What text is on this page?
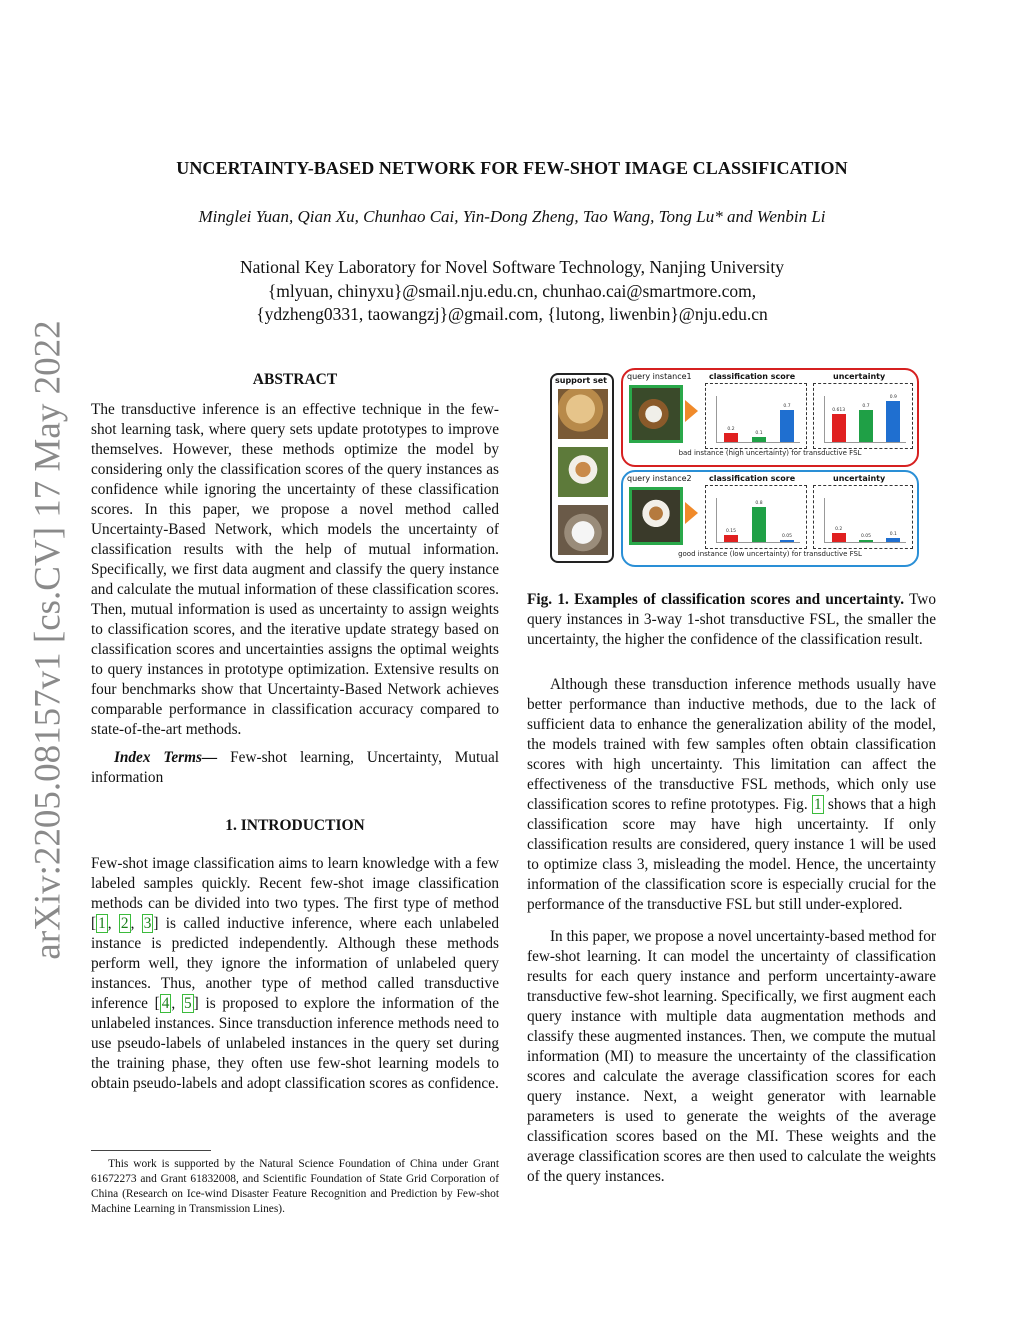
arXiv:2205.08157v1 [cs.CV] 17 May 2022
UNCERTAINTY-BASED NETWORK FOR FEW-SHOT IMAGE CLASSIFICATION
Minglei Yuan, Qian Xu, Chunhao Cai, Yin-Dong Zheng, Tao Wang, Tong Lu* and Wenbin Li
National Key Laboratory for Novel Software Technology, Nanjing University
{mlyuan, chinyxu}@smail.nju.edu.cn, chunhao.cai@smartmore.com,
{ydzheng0331, taowangzj}@gmail.com, {lutong, liwenbin}@nju.edu.cn
ABSTRACT

The transductive inference is an effective technique in the few-shot learning task, where query sets update prototypes to improve themselves. However, these methods optimize the model by considering only the classification scores of the query instances as confidence while ignoring the uncertainty of these classification scores. In this paper, we propose a novel method called Uncertainty-Based Network, which models the uncertainty of classification results with the help of mutual information. Specifically, we first data augment and classify the query instance and calculate the mutual information of these classification scores. Then, mutual information is used as uncertainty to assign weights to classification scores, and the iterative update strategy based on classification scores and uncertainties assigns the optimal weights to query instances in prototype optimization. Extensive results on four benchmarks show that Uncertainty-Based Network achieves comparable performance in classification accuracy compared to state-of-the-art methods.

Index Terms— Few-shot learning, Uncertainty, Mutual information

1. INTRODUCTION

Few-shot image classification aims to learn knowledge with a few labeled samples quickly. Recent few-shot image classification methods can be divided into two types. The first type of method [ 1 , 2 , 3 ] is called inductive inference, where each unlabeled instance is predicted independently. Although these methods perform well, they ignore the information of unlabeled query instances. Thus, another type of method called transductive inference [ 4 , 5 ] is proposed to explore the information of the unlabeled instances. Since transduction inference methods need to use pseudo-labels of unlabeled instances in the query set during the training phase, they often use few-shot learning models to obtain pseudo-labels and adopt classification scores as confidence.

This work is supported by the Natural Science Foundation of China under Grant 61672273 and Grant 61832008, and Scientific Foundation of State Grid Corporation of China (Research on Ice-wind Disaster Feature Recognition and Prediction by Few-shot Machine Learning in Transmission Lines).
support set	query instance1 classification score	uncertainty
0.2
0.1
0.7
0.613
0.7
0.9
bad instance (high uncertainty) for transductive FSL
query instance2 classification score	uncertainty
0.15
0.8
0.05
0.2
0.05	0.1
good instance (low uncertainty) for transductive FSL

Fig. 1. Examples of classification scores and uncertainty. Two query instances in 3-way 1-shot transductive FSL, the smaller the uncertainty, the higher the confidence of the classification result.

Although these transduction inference methods usually have better performance than inductive methods, due to the lack of sufficient data to enhance the generalization ability of the model, the models trained with few samples often obtain classification scores with high uncertainty. This limitation can affect the effectiveness of the transductive FSL methods, which only use classification scores to refine prototypes. Fig. 1 shows that a high classification score may have high uncertainty. If only classification results are considered, query instance 1 will be used to optimize class 3, misleading the model. Hence, the uncertainty information of the classification score is especially crucial for the performance of the transductive FSL but still under-explored.

In this paper, we propose a novel uncertainty-based method for few-shot learning. It can model the uncertainty of classification results for each query instance and perform uncertainty-aware transductive few-shot learning. Specifically, we first augment each query instance with multiple data augmentation methods and classify these augmented instances. Then, we compute the mutual information (MI) to measure the uncertainty of the classification scores and calculate the average classification scores for each query instance. Next, a weight generator with learnable parameters is used to generate the weights of the average classification scores based on the MI. These weights and the average classification scores are then used to calculate the weights of the query instances.
